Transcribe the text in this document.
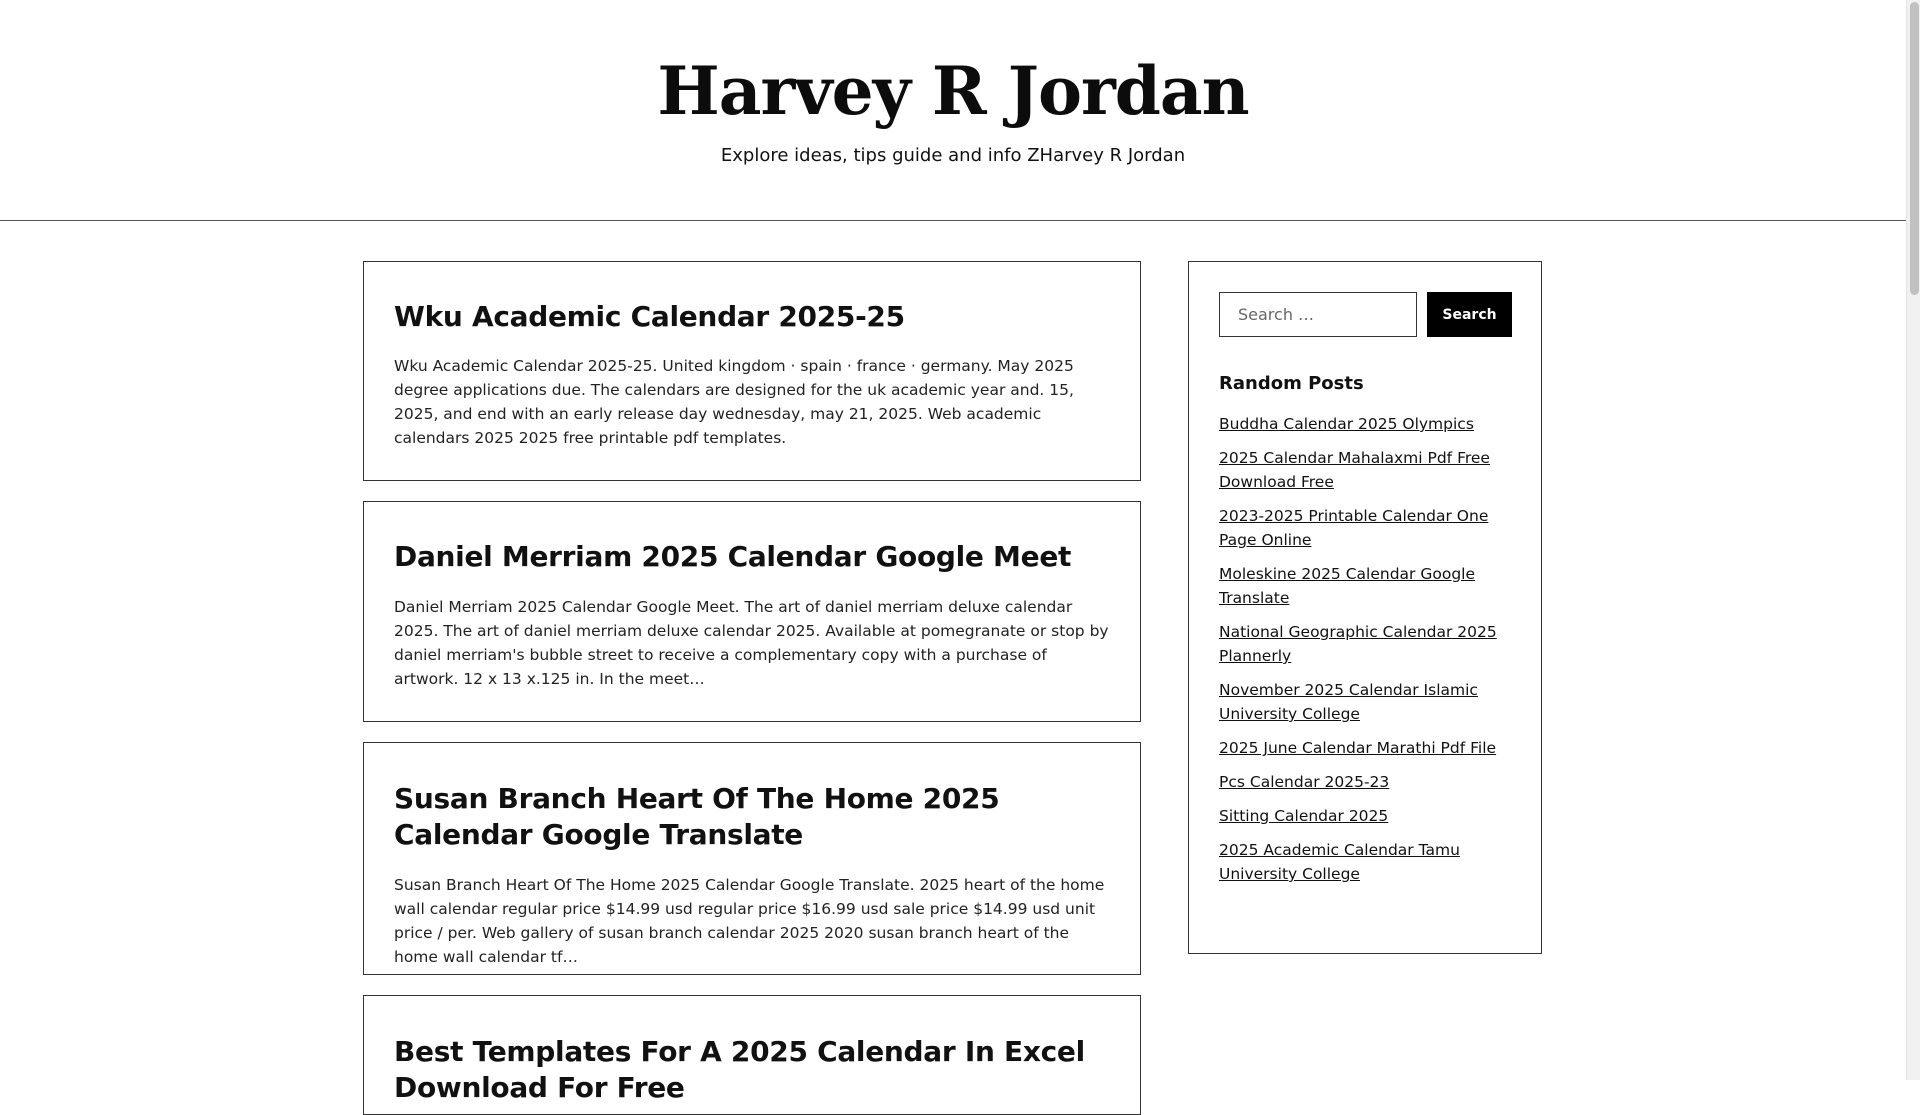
Harvey R Jordan
Explore ideas, tips guide and info ZHarvey R Jordan
Wku Academic Calendar 2025-25

Wku Academic Calendar 2025-25. United kingdom · spain · france · germany. May 2025 degree applications due. The calendars are designed for the uk academic year and. 15, 2025, and end with an early release day wednesday, may 21, 2025. Web academic calendars 2025 2025 free printable pdf templates.

Daniel Merriam 2025 Calendar Google Meet

Daniel Merriam 2025 Calendar Google Meet. The art of daniel merriam deluxe calendar 2025. The art of daniel merriam deluxe calendar 2025. Available at pomegranate or stop by daniel merriam's bubble street to receive a complementary copy with a purchase of artwork. 12 x 13 x.125 in. In the meet…

Susan Branch Heart Of The Home 2025 Calendar Google Translate

Susan Branch Heart Of The Home 2025 Calendar Google Translate. 2025 heart of the home wall calendar regular price $14.99 usd regular price $16.99 usd sale price $14.99 usd unit price / per. Web gallery of susan branch calendar 2025 2020 susan branch heart of the home wall calendar tf…

Best Templates For A 2025 Calendar In Excel Download For Free
Search …
Search
Random Posts
Buddha Calendar 2025 Olympics
2025 Calendar Mahalaxmi Pdf Free Download Free
2023-2025 Printable Calendar One Page Online
Moleskine 2025 Calendar Google Translate
National Geographic Calendar 2025 Plannerly
November 2025 Calendar Islamic University College
2025 June Calendar Marathi Pdf File
Pcs Calendar 2025-23
Sitting Calendar 2025
2025 Academic Calendar Tamu University College
